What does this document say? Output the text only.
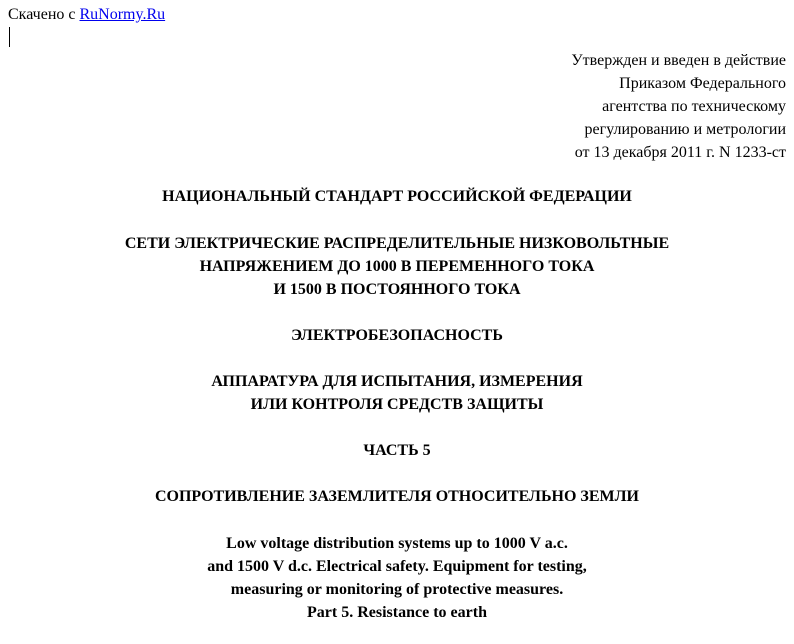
Скачено с RuNormy.Ru
Утвержден и введен в действие
Приказом Федерального
агентства по техническому
регулированию и метрологии
от 13 декабря 2011 г. N 1233-ст
НАЦИОНАЛЬНЫЙ СТАНДАРТ РОССИЙСКОЙ ФЕДЕРАЦИИ
СЕТИ ЭЛЕКТРИЧЕСКИЕ РАСПРЕДЕЛИТЕЛЬНЫЕ НИЗКОВОЛЬТНЫЕ
НАПРЯЖЕНИЕМ ДО 1000 В ПЕРЕМЕННОГО ТОКА
И 1500 В ПОСТОЯННОГО ТОКА
ЭЛЕКТРОБЕЗОПАСНОСТЬ
АППАРАТУРА ДЛЯ ИСПЫТАНИЯ, ИЗМЕРЕНИЯ
ИЛИ КОНТРОЛЯ СРЕДСТВ ЗАЩИТЫ
ЧАСТЬ 5
СОПРОТИВЛЕНИЕ ЗАЗЕМЛИТЕЛЯ ОТНОСИТЕЛЬНО ЗЕМЛИ
Low voltage distribution systems up to 1000 V a.c.
and 1500 V d.c. Electrical safety. Equipment for testing,
measuring or monitoring of protective measures.
Part 5. Resistance to earth
